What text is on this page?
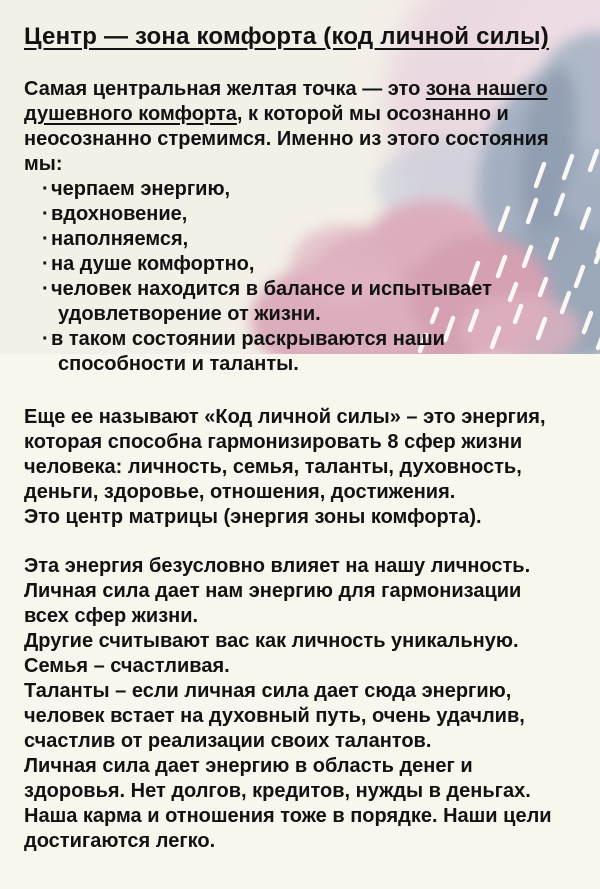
Центр — зона комфорта (код личной силы)

Самая центральная желтая точка — это зона нашего
душевного комфорта, к которой мы осознанно и
неосознанно стремимся. Именно из этого состояния
мы:

· черпаем энергию,
· вдохновение,
· наполняемся,
· на душе комфортно,
· человек находится в балансе и испытывает
удовлетворение от жизни.
· в таком состоянии раскрываются наши
способности и таланты.

Еще ее называют «Код личной силы» – это энергия,
которая способна гармонизировать 8 сфер жизни
человека: личность, семья, таланты, духовность,
деньги, здоровье, отношения, достижения.
Это центр матрицы (энергия зоны комфорта).

Эта энергия безусловно влияет на нашу личность.
Личная сила дает нам энергию для гармонизации
всех сфер жизни.
Другие считывают вас как личность уникальную.
Семья – счастливая.
Таланты – если личная сила дает сюда энергию,
человек встает на духовный путь, очень удачлив,
счастлив от реализации своих талантов.
Личная сила дает энергию в область денег и
здоровья. Нет долгов, кредитов, нужды в деньгах.
Наша карма и отношения тоже в порядке. Наши цели
достигаются легко.
